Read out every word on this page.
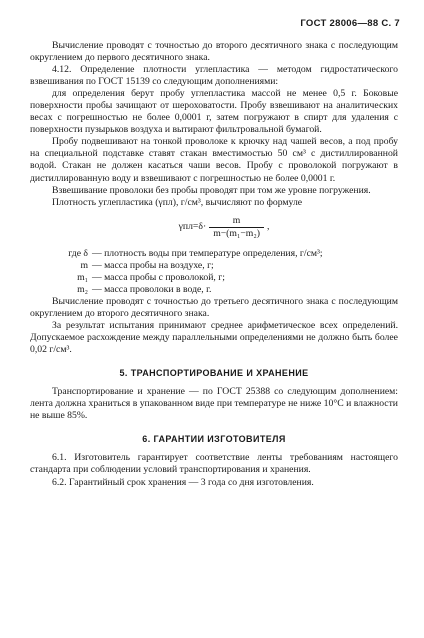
ГОСТ 28006—88 С. 7

Вычисление проводят с точностью до второго десятичного знака с последующим округлением до первого десятичного знака.

4.12. Определение плотности углепластика — методом гидростатического взвешивания по ГОСТ 15139 со следующим дополнениями:

для определения берут пробу углепластика массой не менее 0,5 г. Боковые поверхности пробы зачищают от шероховатости. Пробу взвешивают на аналитических весах с погрешностью не более 0,0001 г, затем погружают в спирт для удаления с поверхности пузырьков воздуха и вытирают фильтровальной бумагой.

Пробу подвешивают на тонкой проволоке к крючку над чашей весов, а под пробу на специальной подставке ставят стакан вместимостью 50 см³ с дистиллированной водой. Стакан не должен касаться чаши весов. Пробу с проволокой погружают в дистиллированную воду и взвешивают с погрешностью не более 0,0001 г.

Взвешивание проволоки без пробы проводят при том же уровне погружения.

Плотность углепластика (γпл), г/см³, вычисляют по формуле

$\gamma пл=\delta\cdot \frac{m}{\text{m−(m₁−m₂)}}$ ,
где δ — плотность воды при температуре определения, г/см³;
m — масса пробы на воздухе, г;
m₁ — масса пробы с проволокой, г;
m₂ — масса проволоки в воде, г.

Вычисление проводят с точностью до третьего десятичного знака с последующим округлением до второго десятичного знака.

За результат испытания принимают среднее арифметическое всех определений. Допускаемое расхождение между параллельными определениями не должно быть более 0,02 г/см³.

5. ТРАНСПОРТИРОВАНИЕ И ХРАНЕНИЕ

Транспортирование и хранение — по ГОСТ 25388 со следующим дополнением: лента должна храниться в упакованном виде при температуре не ниже 10°С и влажности не выше 85%.

6. ГАРАНТИИ ИЗГОТОВИТЕЛЯ

6.1. Изготовитель гарантирует соответствие ленты требованиям настоящего стандарта при соблюдении условий транспортирования и хранения.

6.2. Гарантийный срок хранения — 3 года со дня изготовления.
